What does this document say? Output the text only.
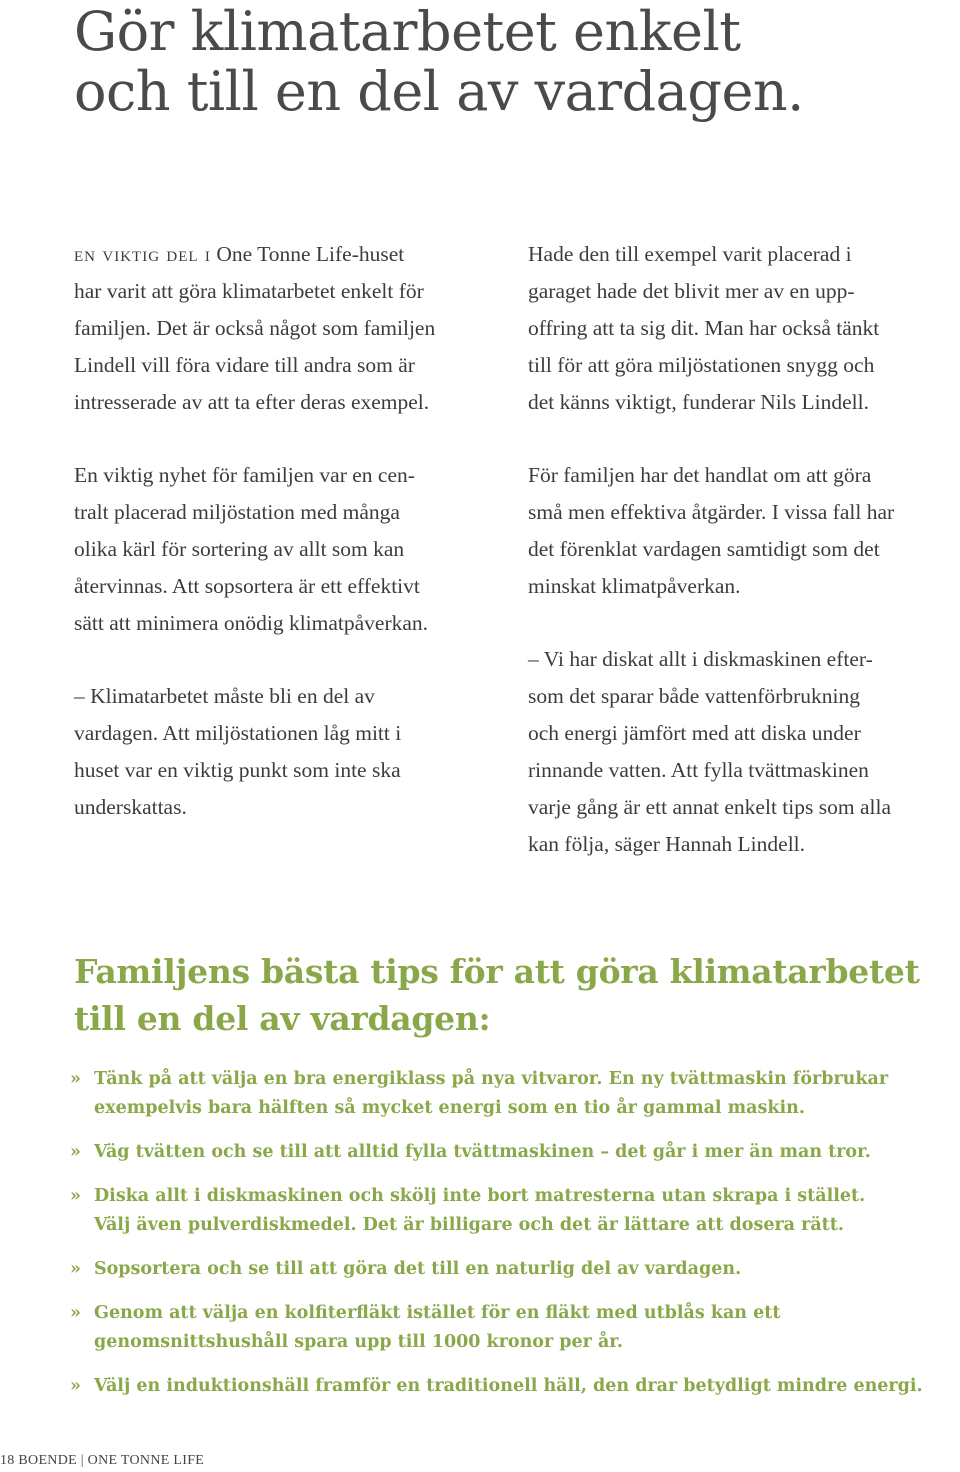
Gör klimatarbetet enkelt
och till en del av vardagen.

en viktig del i One Tonne Life-huset
har varit att göra klimatarbetet enkelt för
familjen. Det är också något som familjen
Lindell vill föra vidare till andra som är
intresserade av att ta efter deras exempel.

En viktig nyhet för familjen var en cen-
tralt placerad miljöstation med många
olika kärl för sortering av allt som kan
återvinnas. Att sopsortera är ett effektivt
sätt att minimera onödig klimatpåverkan.

– Klimatarbetet måste bli en del av
vardagen. Att miljöstationen låg mitt i
huset var en viktig punkt som inte ska
underskattas.

Hade den till exempel varit placerad i
garaget hade det blivit mer av en upp-
offring att ta sig dit. Man har också tänkt
till för att göra miljöstationen snygg och
det känns viktigt, funderar Nils Lindell.

För familjen har det handlat om att göra
små men effektiva åtgärder. I vissa fall har
det förenklat vardagen samtidigt som det
minskat klimatpåverkan.

– Vi har diskat allt i diskmaskinen efter-
som det sparar både vattenförbrukning
och energi jämfört med att diska under
rinnande vatten. Att fylla tvättmaskinen
varje gång är ett annat enkelt tips som alla
kan följa, säger Hannah Lindell.

Familjens bästa tips för att göra klimatarbetet
till en del av vardagen:
» Tänk på att välja en bra energiklass på nya vitvaror. En ny tvättmaskin förbrukar
exempelvis bara hälften så mycket energi som en tio år gammal maskin.
» Väg tvätten och se till att alltid fylla tvättmaskinen – det går i mer än man tror.
» Diska allt i diskmaskinen och skölj inte bort matresterna utan skrapa i stället.
Välj även pulverdiskmedel. Det är billigare och det är lättare att dosera rätt.
» Sopsortera och se till att göra det till en naturlig del av vardagen.
» Genom att välja en kolfiterfläkt istället för en fläkt med utblås kan ett
genomsnittshushåll spara upp till 1000 kronor per år.
» Välj en induktionshäll framför en traditionell häll, den drar betydligt mindre energi.
18 BOENDE | ONE TONNE LIFE
